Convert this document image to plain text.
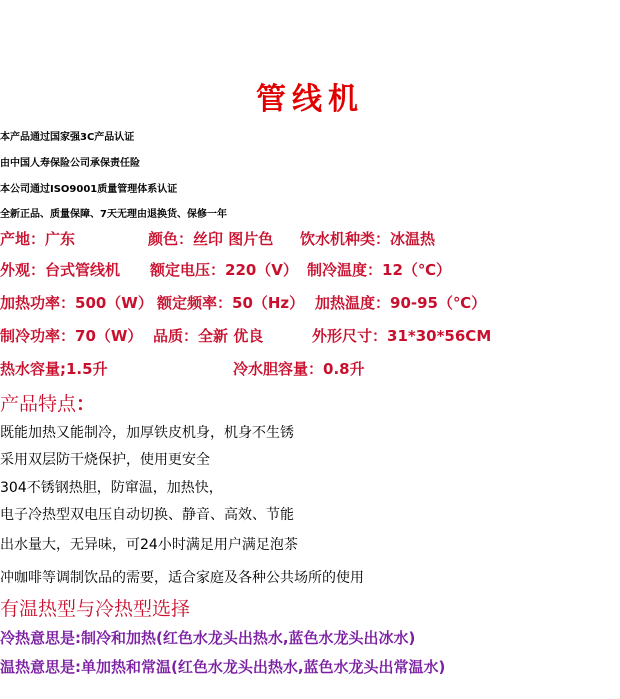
管线机
本产品通过国家强3C产品认证
由中国人寿保险公司承保责任险
本公司通过ISO9001质量管理体系认证
全新正品、质量保障、7天无理由退换货、保修一年
产地：广东	颜色：丝印 图片色 饮水机种类：冰温热
外观：台式管线机 额定电压：220（V） 制冷温度：12（℃）
加热功率：500（W） 额定频率：50（Hz） 加热温度：90-95（℃）
制冷功率：70（W） 品质：全新 优良	外形尺寸：31*30*56CM
热水容量;1.5升	冷水胆容量：0.8升
产品特点：
既能加热又能制冷，加厚铁皮机身，机身不生锈
采用双层防干烧保护，使用更安全
304不锈钢热胆，防窜温，加热快，
电子冷热型双电压自动切换、静音、高效、节能
出水量大，无异味，可24小时满足用户满足泡茶
冲咖啡等调制饮品的需要，适合家庭及各种公共场所的使用
有温热型与冷热型选择
冷热意思是:制冷和加热(红色水龙头出热水,蓝色水龙头出冰水)
温热意思是:单加热和常温(红色水龙头出热水,蓝色水龙头出常温水)
